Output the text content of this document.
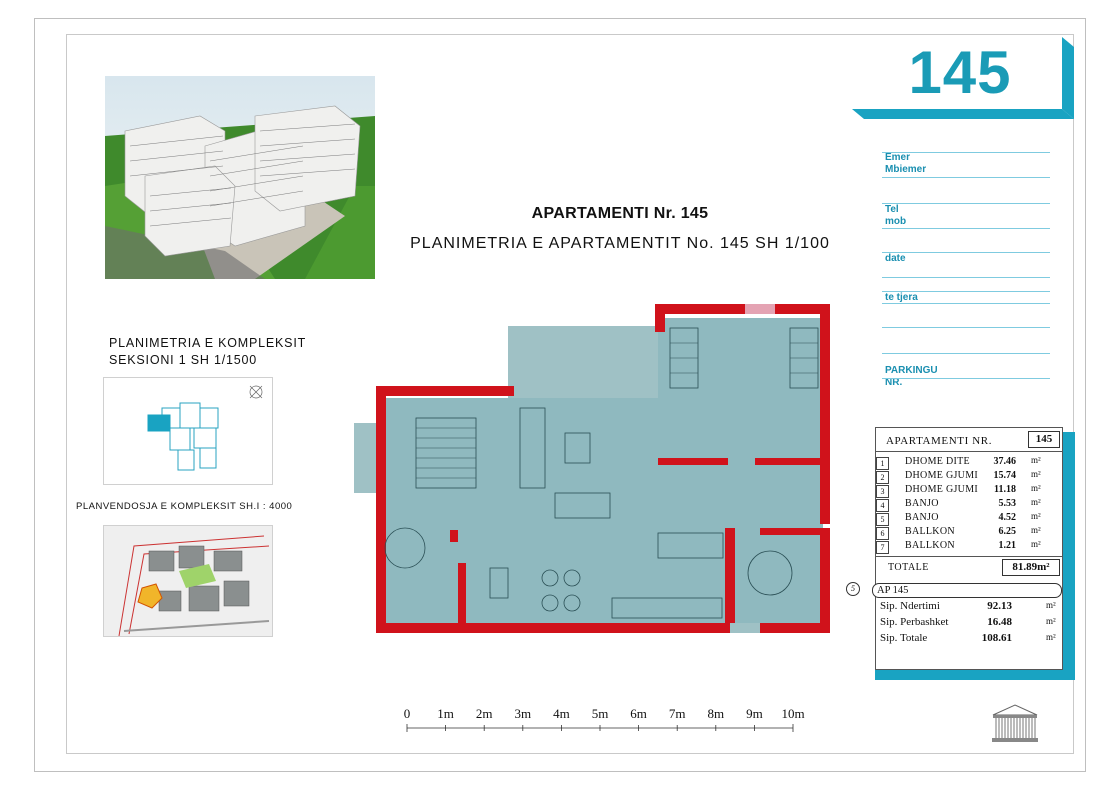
APARTAMENTI Nr. 145
PLANIMETRIA E APARTAMENTIT No. 145 SH 1/100
PLANIMETRIA E KOMPLEKSIT
SEKSIONI 1 SH 1/1500
PLANVENDOSJA E KOMPLEKSIT SH.I : 4000
0 1m 2m 3m 4m 5m 6m 7m 8m 9m 10m
145
Emer
Mbiemer
Tel
mob
date
te tjera
PARKINGU
NR.
APARTAMENTI NR.	145
1	DHOME DITE	37.46 m²
2	DHOME GJUMI	15.74 m²
3	DHOME GJUMI	11.18 m²
4	BANJO	5.53 m²
5	BANJO	4.52 m²
6	BALLKON	6.25 m²
7	BALLKON	1.21 m²
TOTALE	81.89m²
5	AP 145
Sip. Ndertimi	92.13	m²
Sip. Perbashket	16.48	m²
Sip. Totale	108.61	m²
